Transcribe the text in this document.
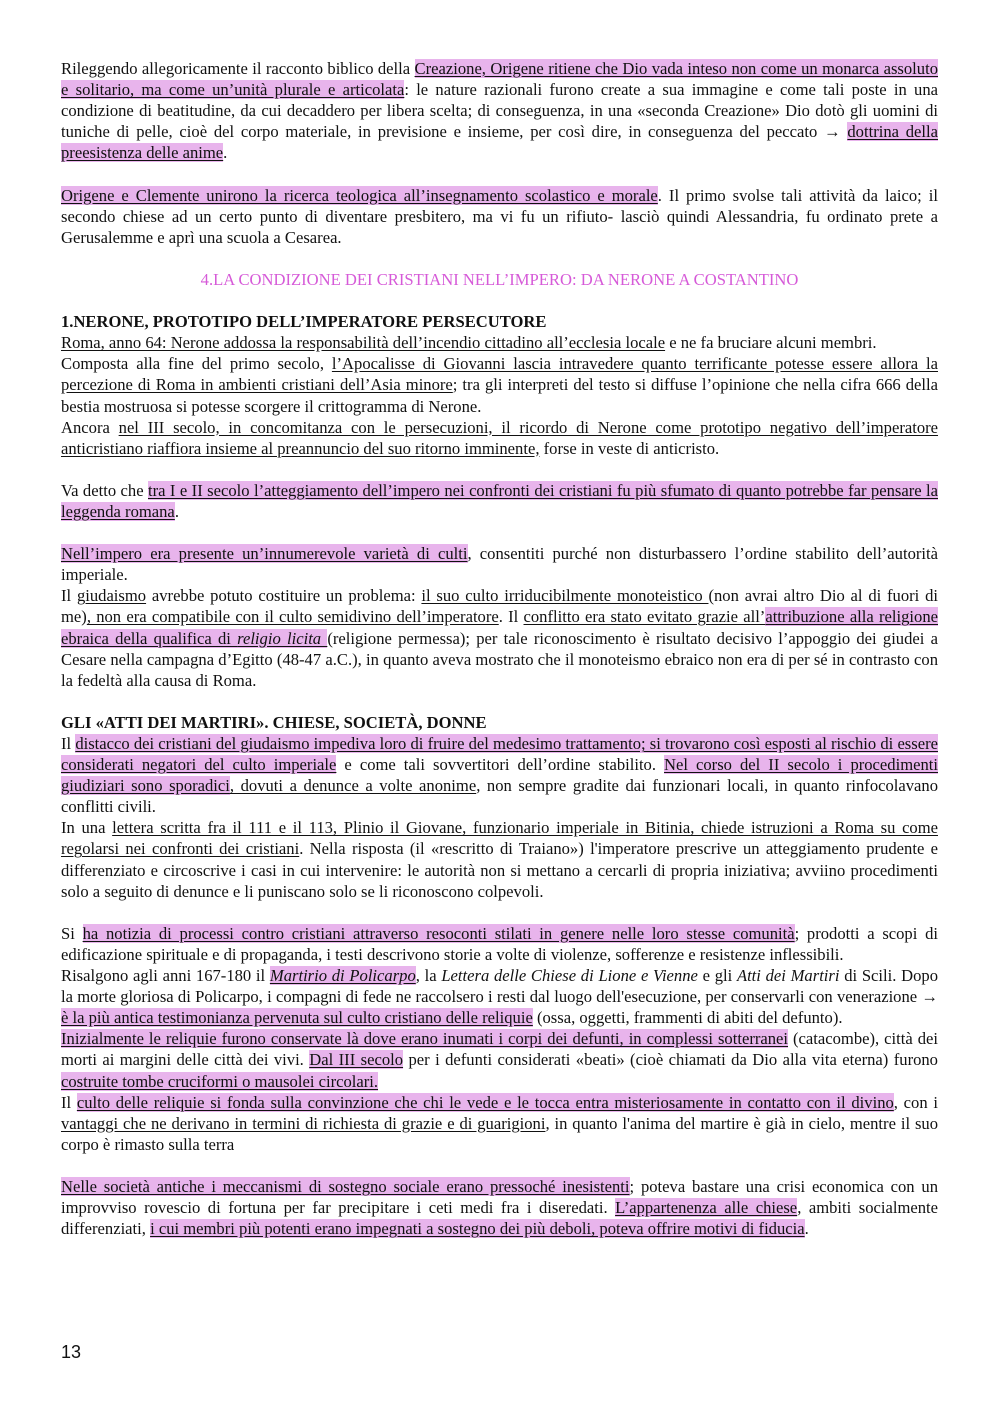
Rileggendo allegoricamente il racconto biblico della Creazione, Origene ritiene che Dio vada inteso non come un monarca assoluto e solitario, ma come un’unità plurale e articolata: le nature razionali furono create a sua immagine e come tali poste in una condizione di beatitudine, da cui decaddero per libera scelta; di conseguenza, in una «seconda Creazione» Dio dotò gli uomini di tuniche di pelle, cioè del corpo materiale, in previsione e insieme, per così dire, in conseguenza del peccato → dottrina della preesistenza delle anime.

Origene e Clemente unirono la ricerca teologica all’insegnamento scolastico e morale. Il primo svolse tali attività da laico; il secondo chiese ad un certo punto di diventare presbitero, ma vi fu un rifiuto- lasciò quindi Alessandria, fu ordinato prete a Gerusalemme e aprì una scuola a Cesarea.

4.LA CONDIZIONE DEI CRISTIANI NELL’IMPERO: DA NERONE A COSTANTINO

1.NERONE, PROTOTIPO DELL’IMPERATORE PERSECUTORE

Roma, anno 64: Nerone addossa la responsabilità dell’incendio cittadino all’ecclesia locale e ne fa bruciare alcuni membri.

Composta alla fine del primo secolo, l’Apocalisse di Giovanni lascia intravedere quanto terrificante potesse essere allora la percezione di Roma in ambienti cristiani dell’Asia minore; tra gli interpreti del testo si diffuse l’opinione che nella cifra 666 della bestia mostruosa si potesse scorgere il crittogramma di Nerone.

Ancora nel III secolo, in concomitanza con le persecuzioni, il ricordo di Nerone come prototipo negativo dell’imperatore anticristiano riaffiora insieme al preannuncio del suo ritorno imminente, forse in veste di anticristo.

Va detto che tra I e II secolo l’atteggiamento dell’impero nei confronti dei cristiani fu più sfumato di quanto potrebbe far pensare la leggenda romana.

Nell’impero era presente un’innumerevole varietà di culti, consentiti purché non disturbassero l’ordine stabilito dell’autorità imperiale.

Il giudaismo avrebbe potuto costituire un problema: il suo culto irriducibilmente monoteistico (non avrai altro Dio al di fuori di me), non era compatibile con il culto semidivino dell’imperatore. Il conflitto era stato evitato grazie all’attribuzione alla religione ebraica della qualifica di religio licita (religione permessa); per tale riconoscimento è risultato decisivo l’appoggio dei giudei a Cesare nella campagna d’Egitto (48-47 a.C.), in quanto aveva mostrato che il monoteismo ebraico non era di per sé in contrasto con la fedeltà alla causa di Roma.

GLI «ATTI DEI MARTIRI». CHIESE, SOCIETÀ, DONNE

Il distacco dei cristiani del giudaismo impediva loro di fruire del medesimo trattamento; si trovarono così esposti al rischio di essere considerati negatori del culto imperiale e come tali sovvertitori dell’ordine stabilito. Nel corso del II secolo i procedimenti giudiziari sono sporadici, dovuti a denunce a volte anonime, non sempre gradite dai funzionari locali, in quanto rinfocolavano conflitti civili.

In una lettera scritta fra il 111 e il 113, Plinio il Giovane, funzionario imperiale in Bitinia, chiede istruzioni a Roma su come regolarsi nei confronti dei cristiani. Nella risposta (il «rescritto di Traiano») l'imperatore prescrive un atteggiamento prudente e differenziato e circoscrive i casi in cui intervenire: le autorità non si mettano a cercarli di propria iniziativa; avviino procedimenti solo a seguito di denunce e li puniscano solo se li riconoscono colpevoli.

Si ha notizia di processi contro cristiani attraverso resoconti stilati in genere nelle loro stesse comunità; prodotti a scopi di edificazione spirituale e di propaganda, i testi descrivono storie a volte di violenze, sofferenze e resistenze inflessibili.

Risalgono agli anni 167-180 il Martirio di Policarpo, la Lettera delle Chiese di Lione e Vienne e gli Atti dei Martiri di Scili. Dopo la morte gloriosa di Policarpo, i compagni di fede ne raccolsero i resti dal luogo dell'esecuzione, per conservarli con venerazione → è la più antica testimonianza pervenuta sul culto cristiano delle reliquie (ossa, oggetti, frammenti di abiti del defunto).

Inizialmente le reliquie furono conservate là dove erano inumati i corpi dei defunti, in complessi sotterranei (catacombe), città dei morti ai margini delle città dei vivi. Dal III secolo per i defunti considerati «beati» (cioè chiamati da Dio alla vita eterna) furono costruite tombe cruciformi o mausolei circolari.

Il culto delle reliquie si fonda sulla convinzione che chi le vede e le tocca entra misteriosamente in contatto con il divino, con i vantaggi che ne derivano in termini di richiesta di grazie e di guarigioni, in quanto l'anima del martire è già in cielo, mentre il suo corpo è rimasto sulla terra

Nelle società antiche i meccanismi di sostegno sociale erano pressoché inesistenti; poteva bastare una crisi economica con un improvviso rovescio di fortuna per far precipitare i ceti medi fra i diseredati. L’appartenenza alle chiese, ambiti socialmente differenziati, i cui membri più potenti erano impegnati a sostegno dei più deboli, poteva offrire motivi di fiducia.

13
